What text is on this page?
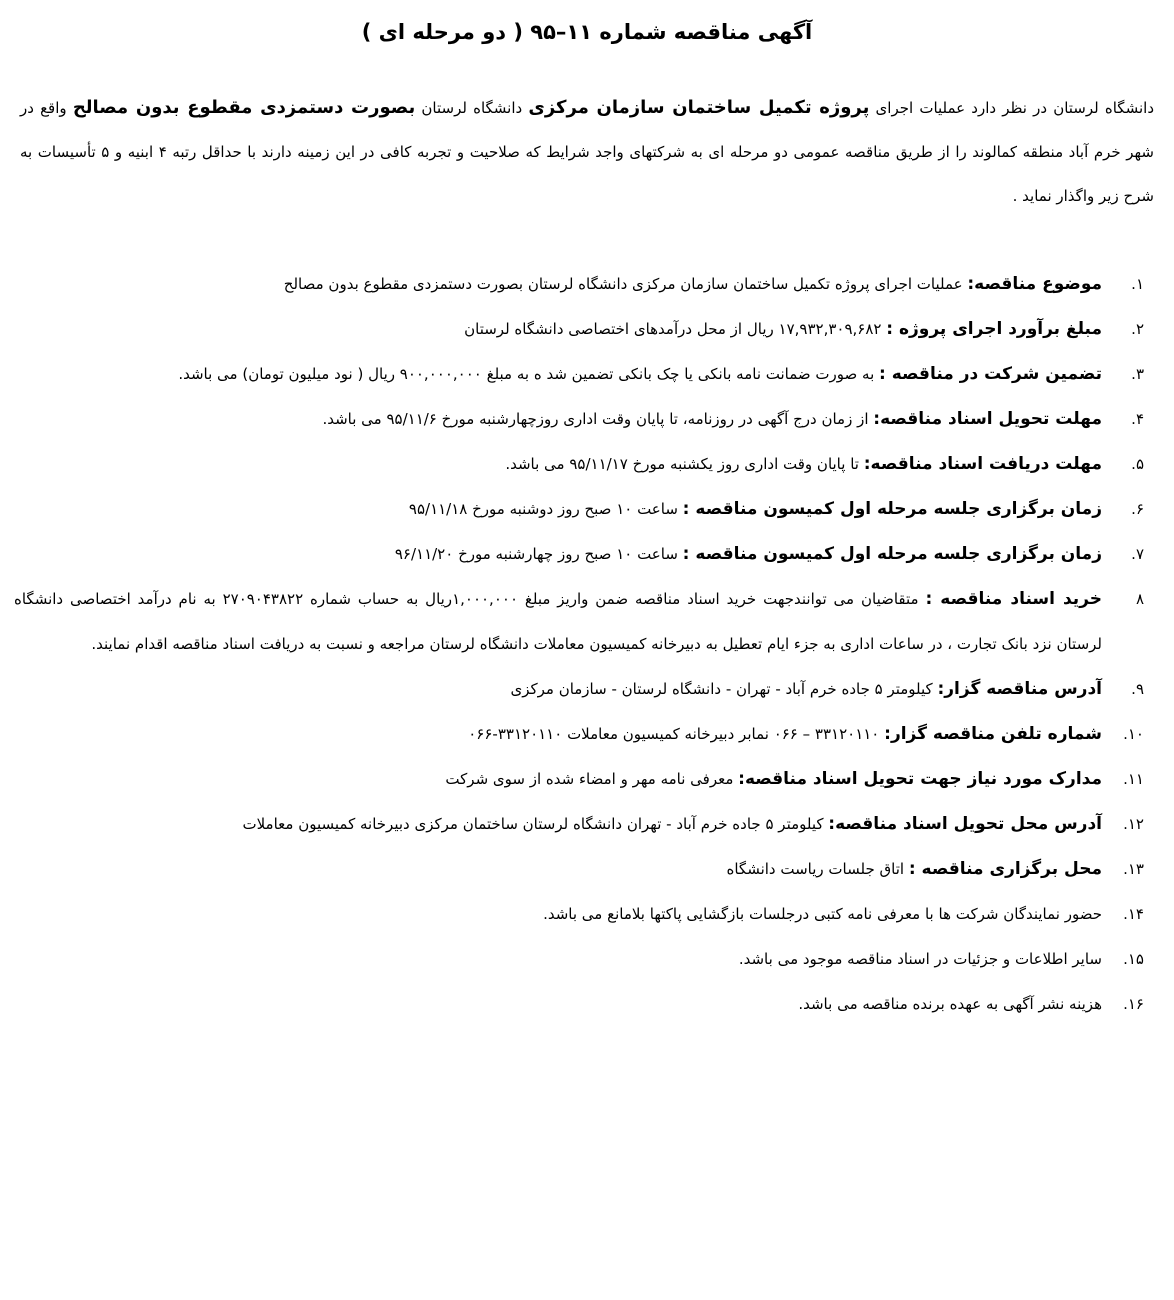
آگهی مناقصه شماره ۱۱–۹۵ ( دو مرحله ای )

دانشگاه لرستان در نظر دارد عملیات اجرای پروژه تکمیل ساختمان سازمان مرکزی دانشگاه لرستان بصورت دستمزدی مقطوع بدون مصالح واقع در شهر خرم آباد منطقه کمالوند را از طریق مناقصه عمومی دو مرحله ای به شرکتهای واجد شرایط که صلاحیت و تجربه کافی در این زمینه دارند با حداقل رتبه ۴ ابنیه و ۵ تأسیسات به شرح زیر واگذار نماید .

۱.
موضوع مناقصه: عملیات اجرای پروژه تکمیل ساختمان سازمان مرکزی دانشگاه لرستان بصورت دستمزدی مقطوع بدون مصالح
۲.
مبلغ برآورد اجرای پروژه : ۱۷,۹۳۲,۳۰۹,۶۸۲ ریال از محل درآمدهای اختصاصی دانشگاه لرستان
۳.
تضمین شرکت در مناقصه : به صورت ضمانت نامه بانکی یا چک بانکی تضمین شد ه به مبلغ ۹۰۰,۰۰۰,۰۰۰ ریال ( نود میلیون تومان) می باشد.
۴.
مهلت تحویل اسناد مناقصه: از زمان درج آگهی در روزنامه، تا پایان وقت اداری روزچهارشنبه مورخ ۹۵/۱۱/۶ می باشد.
۵.
مهلت دریافت اسناد مناقصه: تا پایان وقت اداری روز یکشنبه مورخ ۹۵/۱۱/۱۷ می باشد.
۶.
زمان برگزاری جلسه مرحله اول کمیسون مناقصه : ساعت ۱۰ صبح روز دوشنبه مورخ ۹۵/۱۱/۱۸
۷.
زمان برگزاری جلسه مرحله اول کمیسون مناقصه : ساعت ۱۰ صبح روز چهارشنبه مورخ ۹۶/۱۱/۲۰
۸
خرید اسناد مناقصه : متقاضیان می توانندجهت خرید اسناد مناقصه ضمن واریز مبلغ ۱,۰۰۰,۰۰۰ریال به حساب شماره ۲۷۰۹۰۴۳۸۲۲ به نام درآمد اختصاصی دانشگاه لرستان نزد بانک تجارت ، در ساعات اداری به جزء ایام تعطیل به دبیرخانه کمیسیون معاملات دانشگاه لرستان مراجعه و نسبت به دریافت اسناد مناقصه اقدام نمایند.
۹.
آدرس مناقصه گزار: کیلومتر ۵ جاده خرم آباد - تهران - دانشگاه لرستان - سازمان مرکزی
۱۰.
شماره تلفن مناقصه گزار: ۳۳۱۲۰۱۱۰ – ۰۶۶ نمابر دبیرخانه کمیسیون معاملات ۳۳۱۲۰۱۱۰-۰۶۶
۱۱.
مدارک مورد نیاز جهت تحویل اسناد مناقصه: معرفی نامه مهر و امضاء شده از سوی شرکت
۱۲.
آدرس محل تحویل اسناد مناقصه: کیلومتر ۵ جاده خرم آباد - تهران دانشگاه لرستان ساختمان مرکزی دبیرخانه کمیسیون معاملات
۱۳.
محل برگزاری مناقصه : اتاق جلسات ریاست دانشگاه
۱۴.
حضور نمایندگان شرکت ها با معرفی نامه کتبی درجلسات بازگشایی پاکتها بلامانع می باشد.
۱۵.
سایر اطلاعات و جزئیات در اسناد مناقصه موجود می باشد.
۱۶.
هزینه نشر آگهی به عهده برنده مناقصه می باشد.
